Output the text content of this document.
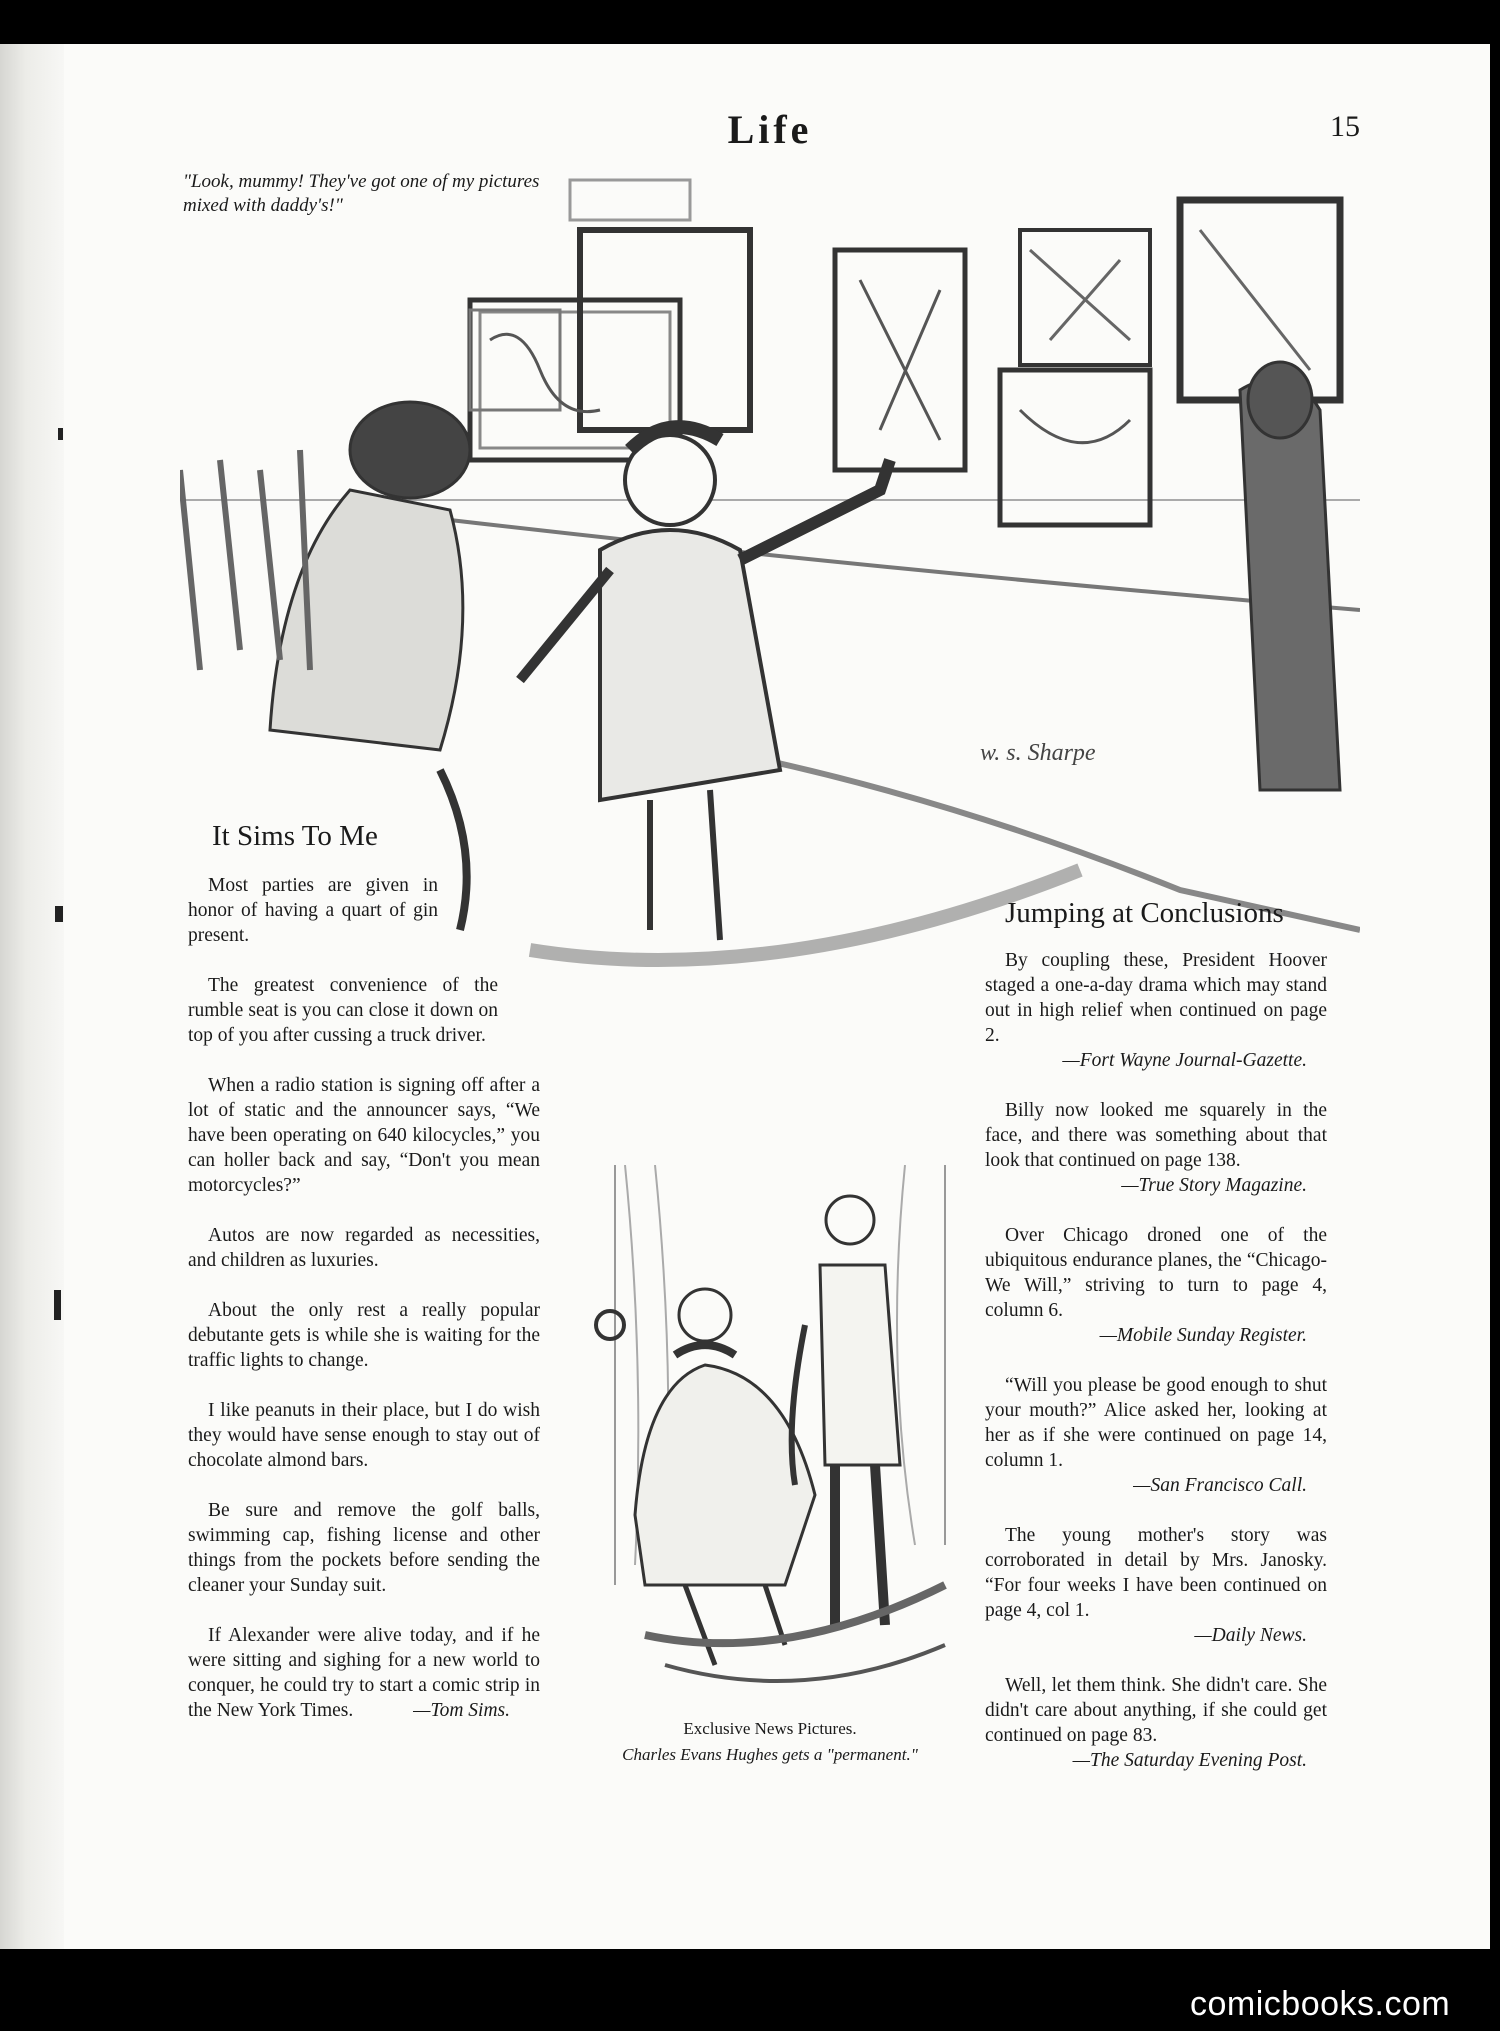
Life	15
"Look, mummy! They've got one of my pictures mixed with daddy's!"
w. s. Sharpe
It Sims To Me

Most parties are given in honor of having a quart of gin present.

The greatest convenience of the rumble seat is you can close it down on top of you after cussing a truck driver.

When a radio station is signing off after a lot of static and the announcer says, “We have been operating on 640 kilocycles,” you can holler back and say, “Don't you mean motorcycles?”

Autos are now regarded as necessities, and children as luxuries.

About the only rest a really popular debutante gets is while she is waiting for the traffic lights to change.

I like peanuts in their place, but I do wish they would have sense enough to stay out of chocolate almond bars.

Be sure and remove the golf balls, swimming cap, fishing license and other things from the pockets before sending the cleaner your Sunday suit.

If Alexander were alive today, and if he were sitting and sighing for a new world to conquer, he could try to start a comic strip in the New York Times.	—Tom Sims.

Jumping at Conclusions

By coupling these, President Hoover staged a one-a-day drama which may stand out in high relief when continued on page 2.
—Fort Wayne Journal-Gazette.

Billy now looked me squarely in the face, and there was something about that look that continued on page 138.
—True Story Magazine.

Over Chicago droned one of the ubiquitous endurance planes, the “Chicago-We Will,” striving to turn to page 4, column 6.
—Mobile Sunday Register.

“Will you please be good enough to shut your mouth?” Alice asked her, looking at her as if she were continued on page 14, column 1.
—San Francisco Call.

The young mother's story was corroborated in detail by Mrs. Janosky. “For four weeks I have been continued on page 4, col 1.
—Daily News.

Well, let them think. She didn't care. She didn't care about anything, if she could get continued on page 83.
—The Saturday Evening Post.

Exclusive News Pictures.
Charles Evans Hughes gets a "permanent."
comicbooks.com
